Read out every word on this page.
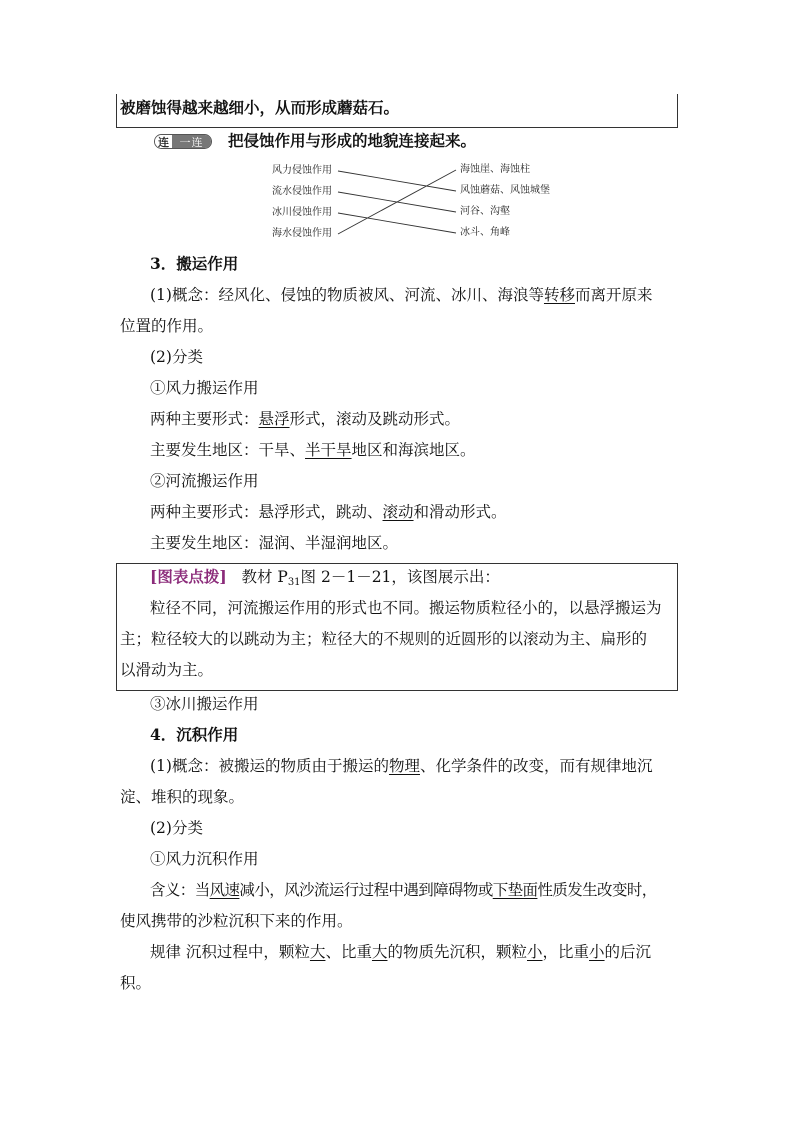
被磨蚀得越来越细小，从而形成蘑菇石。
连 一连	把侵蚀作用与形成的地貌连接起来。
风力侵蚀作用
流水侵蚀作用
冰川侵蚀作用
海水侵蚀作用
海蚀崖、海蚀柱
风蚀蘑菇、风蚀城堡
河谷、沟壑
冰斗、角峰
3．搬运作用
(1)概念：经风化、侵蚀的物质被风、河流、冰川、海浪等转移而离开原来
位置的作用。
(2)分类
①风力搬运作用
两种主要形式：悬浮形式，滚动及跳动形式。
主要发生地区：干旱、半干旱地区和海滨地区。
②河流搬运作用
两种主要形式：悬浮形式，跳动、滚动和滑动形式。
主要发生地区：湿润、半湿润地区。
[图表点拨] 教材 $P_{31}$图 2－1－21，该图展示出：
粒径不同，河流搬运作用的形式也不同。搬运物质粒径小的，以悬浮搬运为
主；粒径较大的以跳动为主；粒径大的不规则的近圆形的以滚动为主、扁形的
以滑动为主。
③冰川搬运作用
4．沉积作用
(1)概念：被搬运的物质由于搬运的物理、化学条件的改变，而有规律地沉
淀、堆积的现象。
(2)分类
①风力沉积作用
含义：当风速减小，风沙流运行过程中遇到障碍物或下垫面性质发生改变时，
使风携带的沙粒沉积下来的作用。
规律 沉积过程中，颗粒大、比重大的物质先沉积，颗粒小，比重小的后沉
积。
